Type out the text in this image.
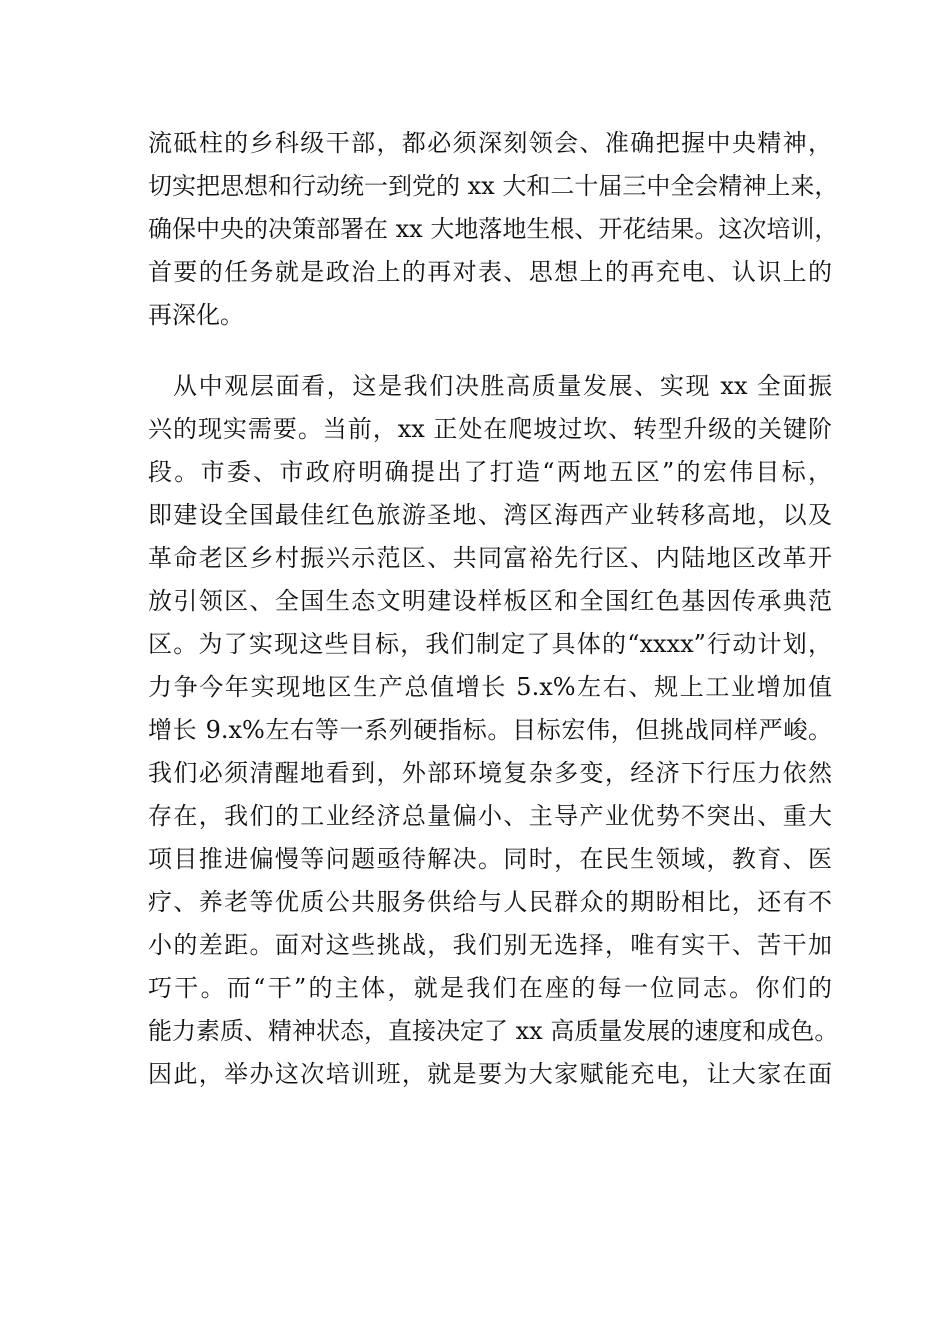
流砥柱的乡科级干部，都必须深刻领会、准确把握中央精神，
切实把思想和行动统一到党的 xx 大和二十届三中全会精神上来，
确保中央的决策部署在 xx 大地落地生根、开花结果。这次培训，
首要的任务就是政治上的再对表、思想上的再充电、认识上的
再深化。
从中观层面看，这是我们决胜高质量发展、实现 xx 全面振
兴的现实需要。当前，xx 正处在爬坡过坎、转型升级的关键阶
段。市委、市政府明确提出了打造“两地五区”的宏伟目标，
即建设全国最佳红色旅游圣地、湾区海西产业转移高地，以及
革命老区乡村振兴示范区、共同富裕先行区、内陆地区改革开
放引领区、全国生态文明建设样板区和全国红色基因传承典范
区。为了实现这些目标，我们制定了具体的“xxxx”行动计划，
力争今年实现地区生产总值增长 5.x%左右、规上工业增加值
增长 9.x%左右等一系列硬指标。目标宏伟，但挑战同样严峻。
我们必须清醒地看到，外部环境复杂多变，经济下行压力依然
存在，我们的工业经济总量偏小、主导产业优势不突出、重大
项目推进偏慢等问题亟待解决。同时，在民生领域，教育、医
疗、养老等优质公共服务供给与人民群众的期盼相比，还有不
小的差距。面对这些挑战，我们别无选择，唯有实干、苦干加
巧干。而“干”的主体，就是我们在座的每一位同志。你们的
能力素质、精神状态，直接决定了 xx 高质量发展的速度和成色。
因此，举办这次培训班，就是要为大家赋能充电，让大家在面
